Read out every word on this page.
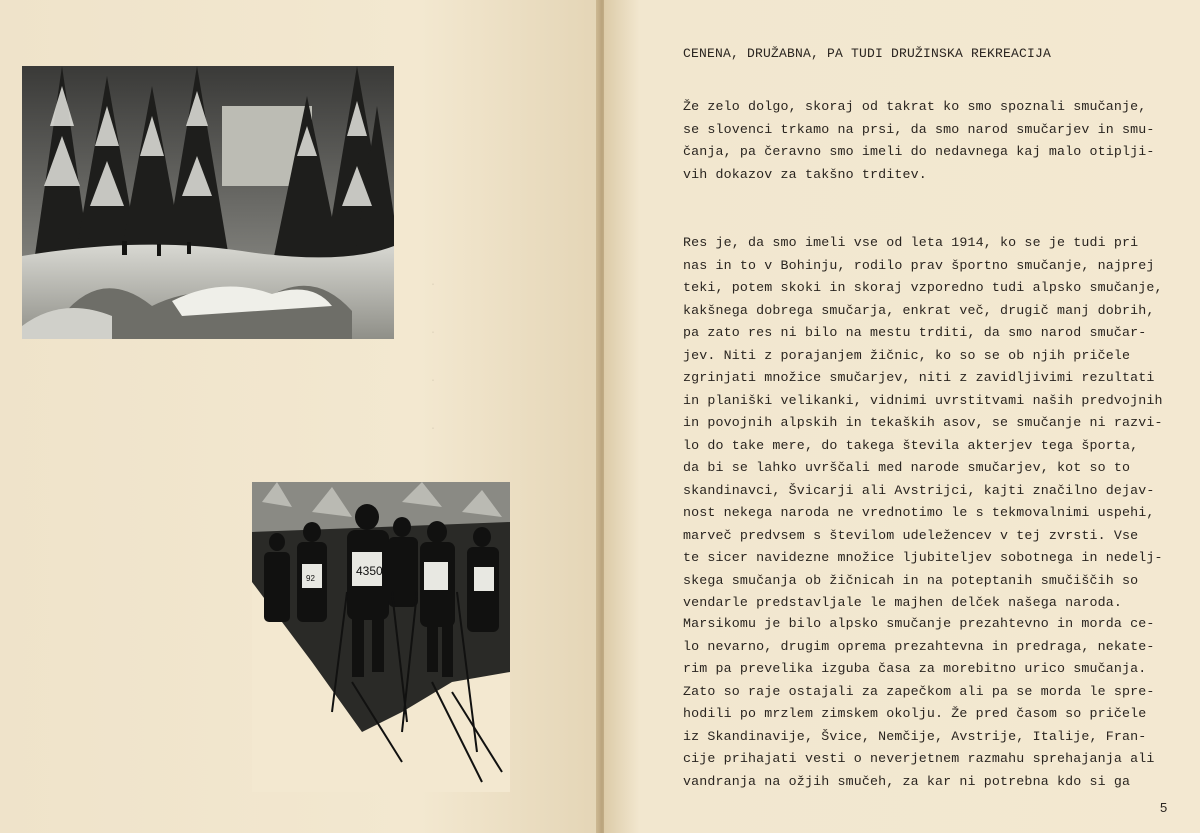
4350
92
·
·
·
·
CENENA, DRUŽABNA, PA TUDI DRUŽINSKA REKREACIJA
Že zelo dolgo, skoraj od takrat ko smo spoznali smučanje,
se slovenci trkamo na prsi, da smo narod smučarjev in smu-
čanja, pa čeravno smo imeli do nedavnega kaj malo otiplji-
vih dokazov za takšno trditev.
Res je, da smo imeli vse od leta 1914, ko se je tudi pri
nas in to v Bohinju, rodilo prav športno smučanje, najprej
teki, potem skoki in skoraj vzporedno tudi alpsko smučanje,
kakšnega dobrega smučarja, enkrat več, drugič manj dobrih,
pa zato res ni bilo na mestu trditi, da smo narod smučar-
jev. Niti z porajanjem žičnic, ko so se ob njih pričele
zgrinjati množice smučarjev, niti z zavidljivimi rezultati
in planiški velikanki, vidnimi uvrstitvami naših predvojnih
in povojnih alpskih in tekaških asov, se smučanje ni razvi-
lo do take mere, do takega števila akterjev tega športa,
da bi se lahko uvrščali med narode smučarjev, kot so to
skandinavci, Švicarji ali Avstrijci, kajti značilno dejav-
nost nekega naroda ne vrednotimo le s tekmovalnimi uspehi,
marveč predvsem s številom udeležencev v tej zvrsti. Vse
te sicer navidezne množice ljubiteljev sobotnega in nedelj-
skega smučanja ob žičnicah in na poteptanih smučiščih so
vendarle predstavljale le majhen delček našega naroda.
Marsikomu je bilo alpsko smučanje prezahtevno in morda ce-
lo nevarno, drugim oprema prezahtevna in predraga, nekate-
rim pa prevelika izguba časa za morebitno urico smučanja.
Zato so raje ostajali za zapečkom ali pa se morda le spre-
hodili po mrzlem zimskem okolju. Že pred časom so pričele
iz Skandinavije, Švice, Nemčije, Avstrije, Italije, Fran-
cije prihajati vesti o neverjetnem razmahu sprehajanja ali
vandranja na ožjih smučeh, za kar ni potrebna kdo si ga
5
